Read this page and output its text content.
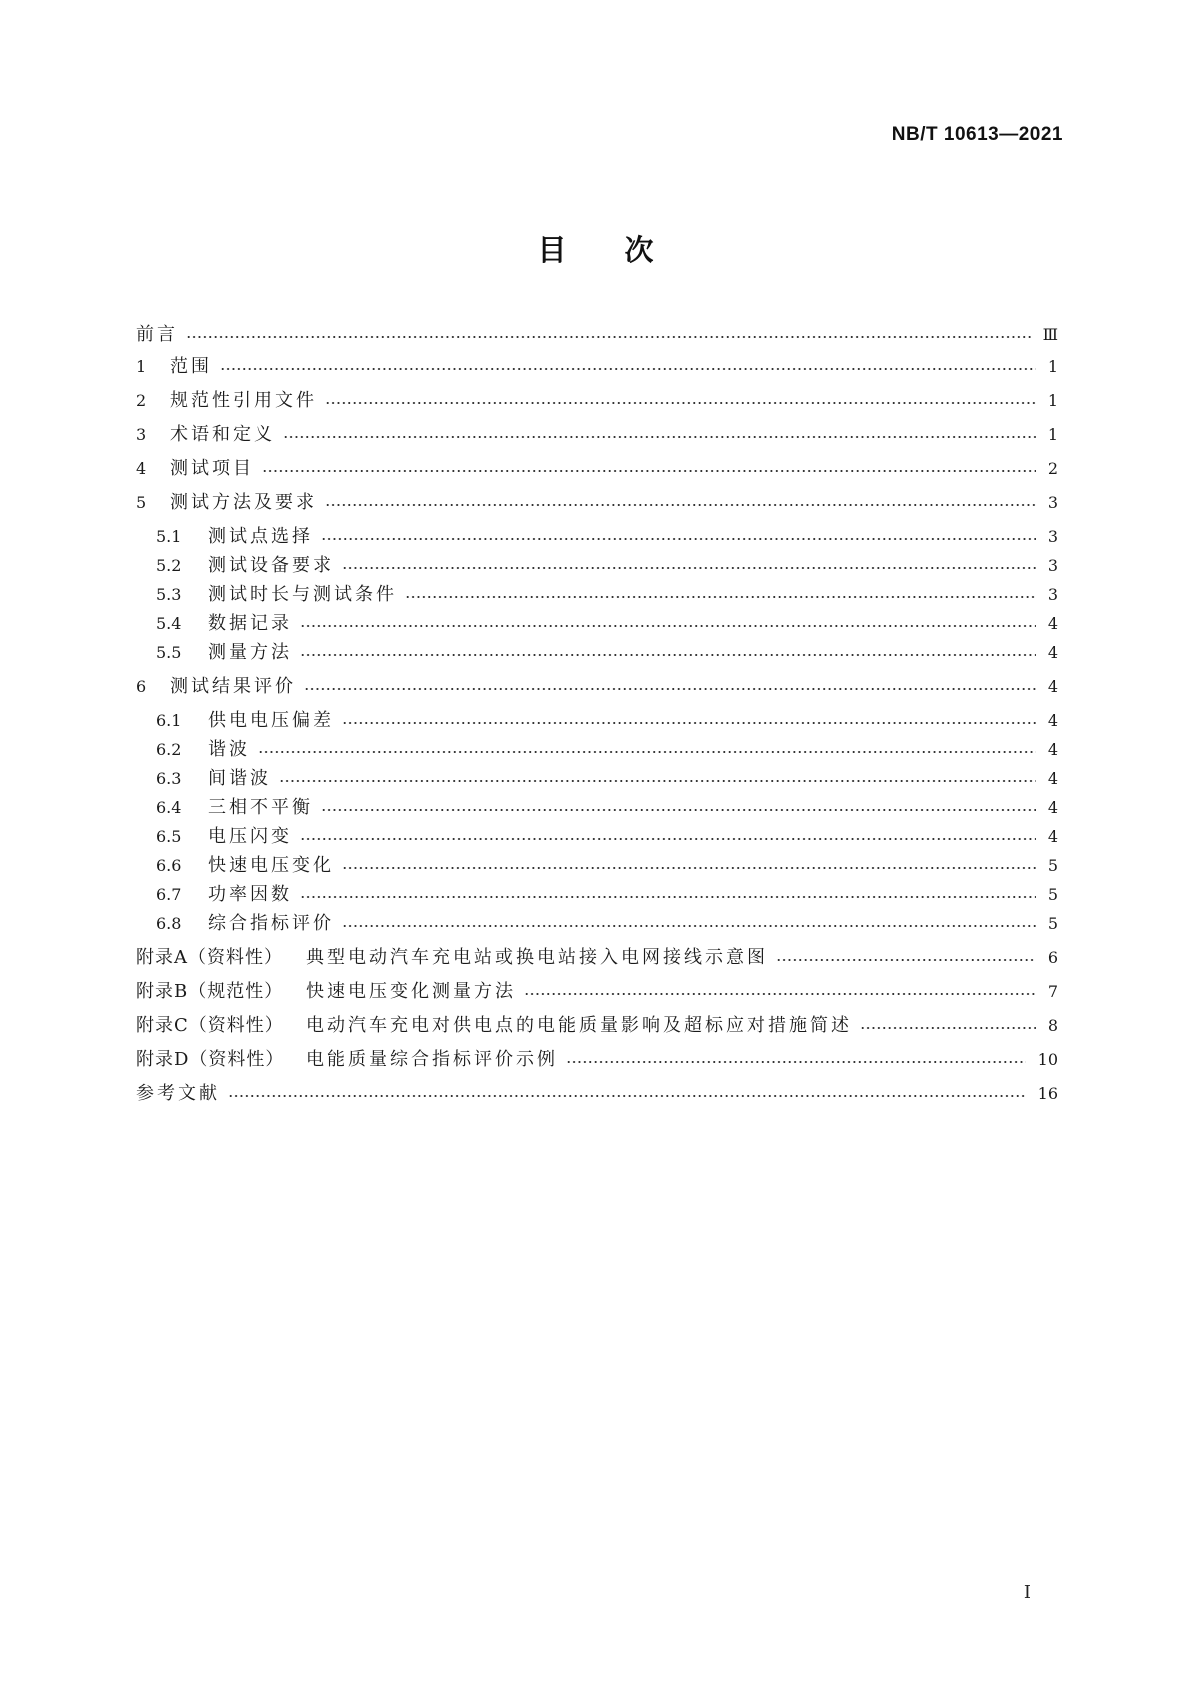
NB/T 10613—2021
目次
前言	Ⅲ
1	范围	1
2	规范性引用文件	1
3	术语和定义	1
4	测试项目	2
5	测试方法及要求	3
5.1	测试点选择	3
5.2	测试设备要求	3
5.3	测试时长与测试条件	3
5.4	数据记录	4
5.5	测量方法	4
6	测试结果评价	4
6.1	供电电压偏差	4
6.2	谐波	4
6.3	间谐波	4
6.4	三相不平衡	4
6.5	电压闪变	4
6.6	快速电压变化	5
6.7	功率因数	5
6.8	综合指标评价	5
附录A（资料性）	典型电动汽车充电站或换电站接入电网接线示意图	6
附录B（规范性）	快速电压变化测量方法	7
附录C（资料性）	电动汽车充电对供电点的电能质量影响及超标应对措施简述	8
附录D（资料性）	电能质量综合指标评价示例	10
参考文献	16
I
